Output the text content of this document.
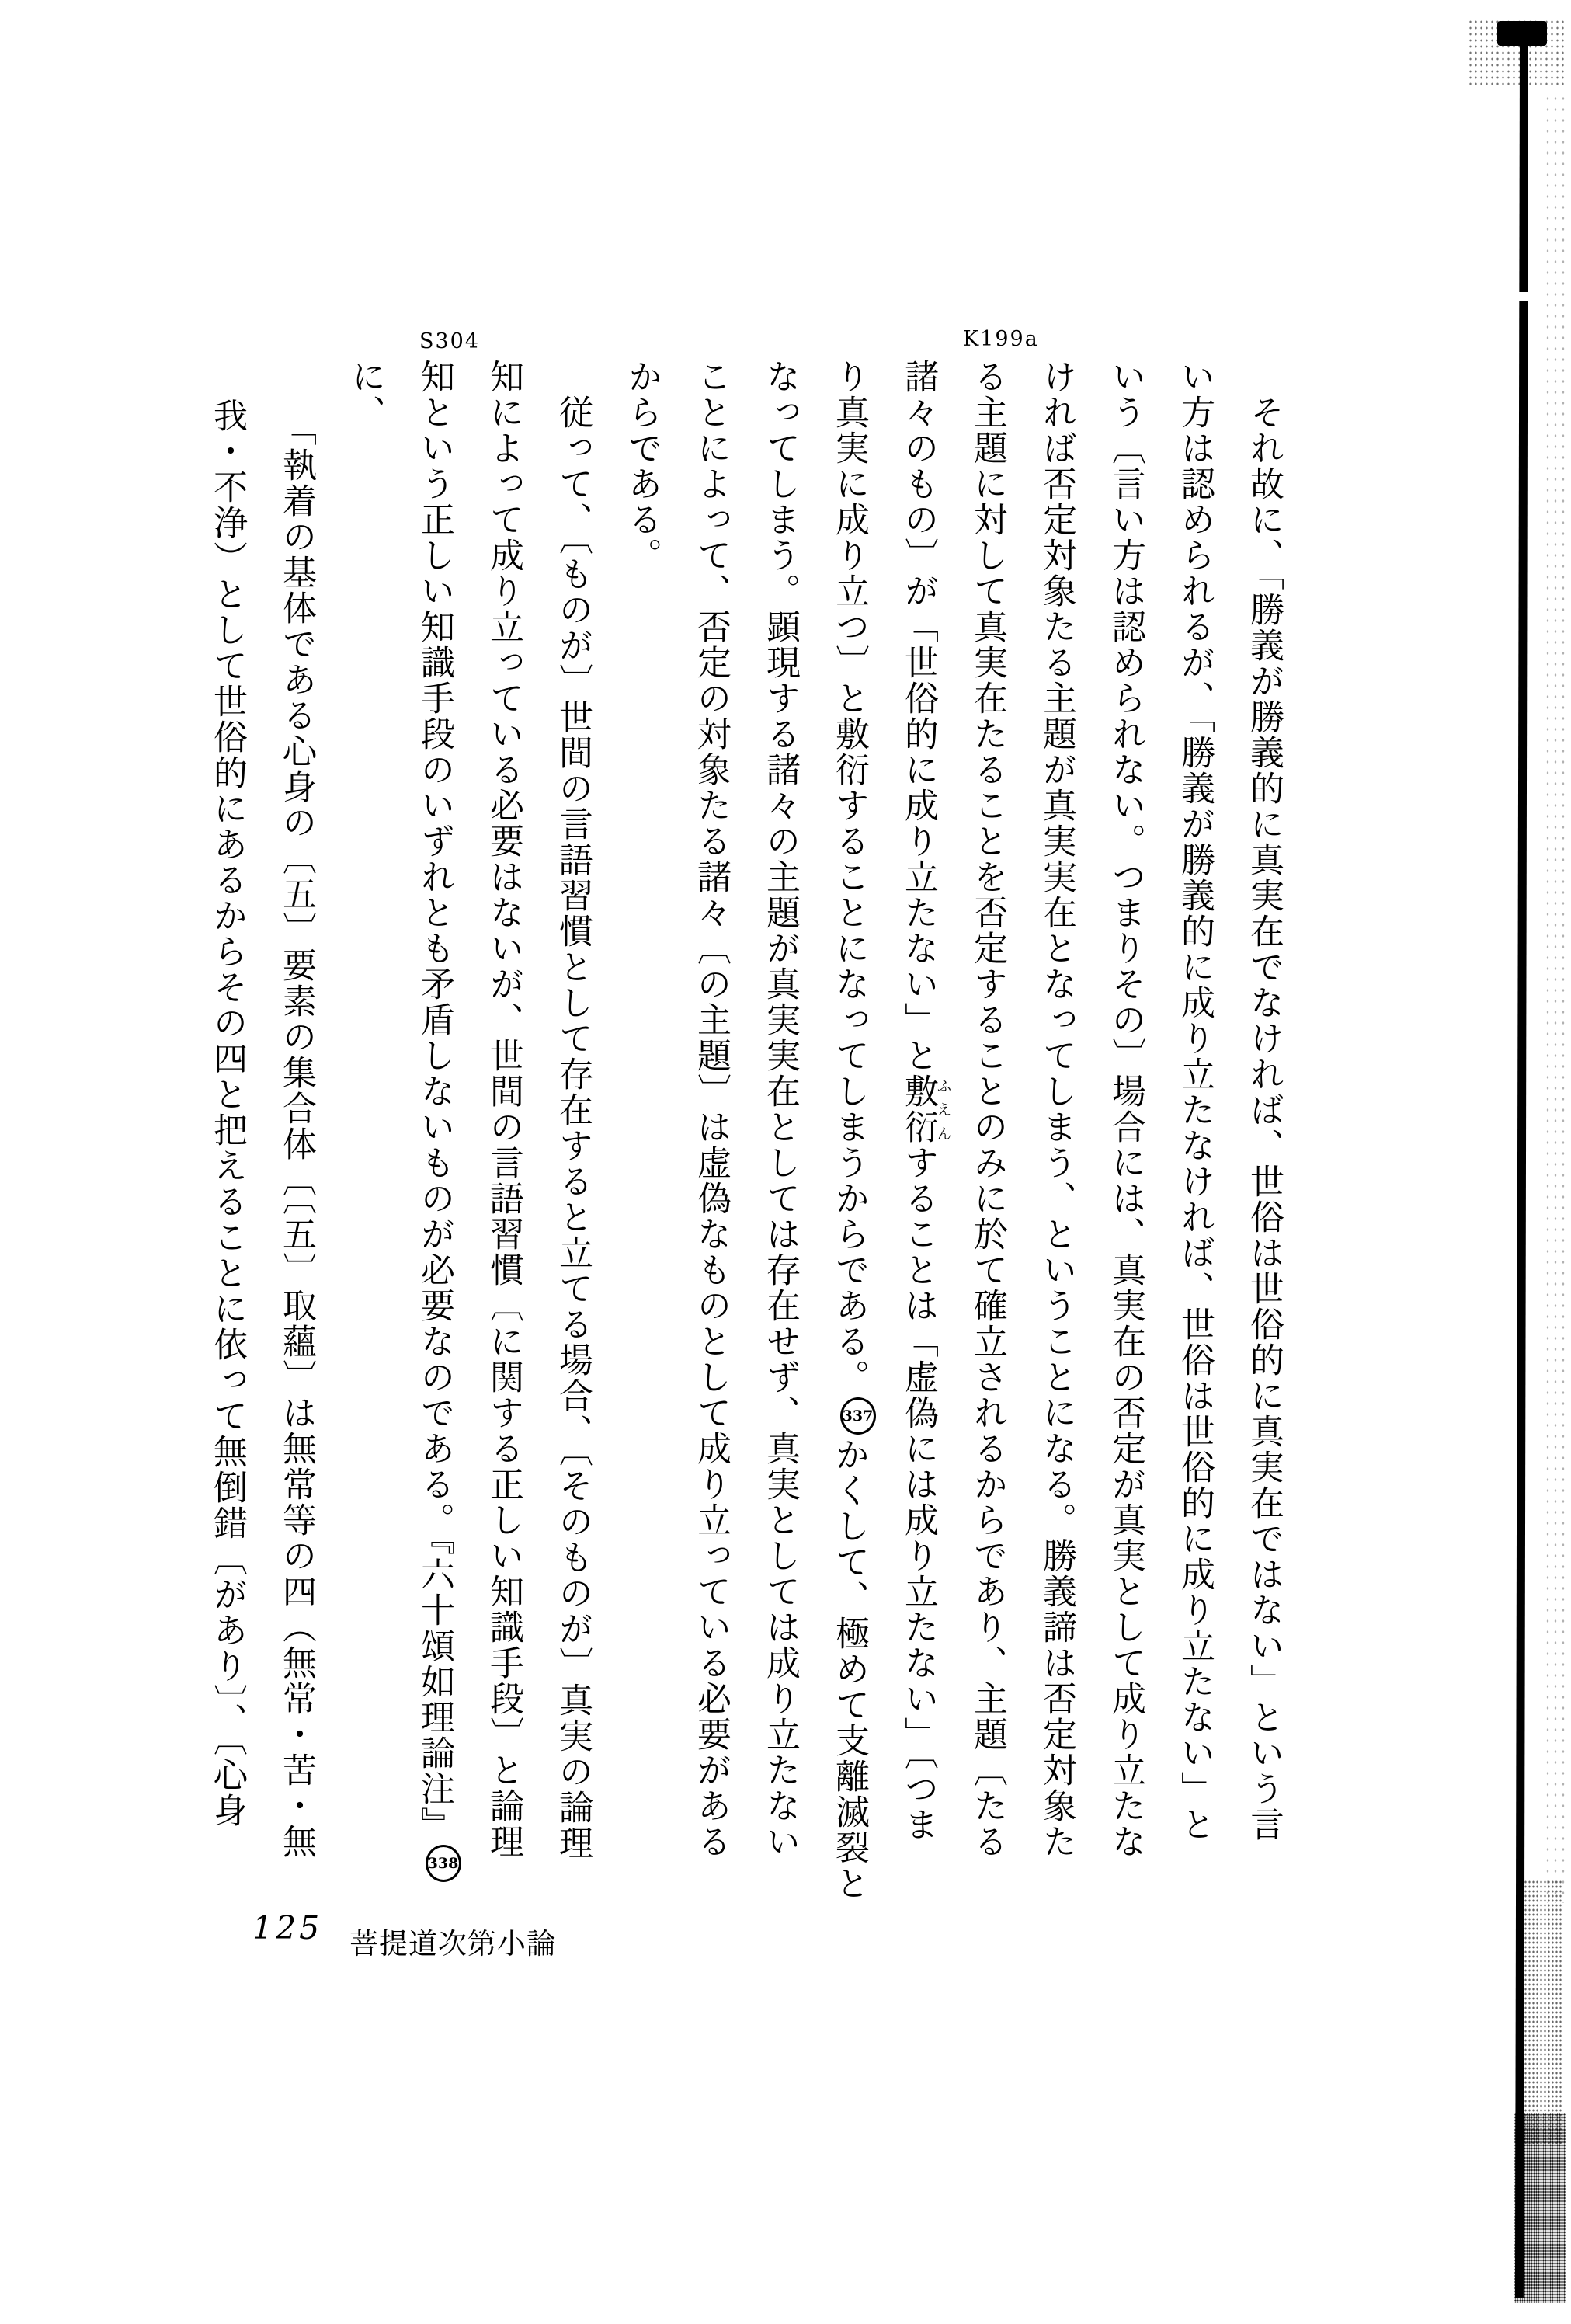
S304	K199a
それ故に、「勝義が勝義的に真実在でなければ、世俗は世俗的に真実在ではない」という言
い方は認められるが、「勝義が勝義的に成り立たなければ、世俗は世俗的に成り立たない」と
いう〔言い方は認められない。つまりその〕場合には、真実在の否定が真実として成り立たな
ければ否定対象たる主題が真実実在となってしまう、ということになる。勝義諦は否定対象た
る主題に対して真実在たることを否定することのみに於て確立されるからであり、主題〔たる
諸々のもの〕が「世俗的に成り立たない」と敷衍ふえんすることは「虚偽には成り立たない」〔つま
り真実に成り立つ〕と敷衍することになってしまうからである。337かくして、極めて支離滅裂と
なってしまう。顕現する諸々の主題が真実実在としては存在せず、真実としては成り立たない
ことによって、否定の対象たる諸々〔の主題〕は虚偽なものとして成り立っている必要がある
からである。
従って、〔ものが〕世間の言語習慣として存在すると立てる場合、〔そのものが〕真実の論理
知によって成り立っている必要はないが、世間の言語習慣〔に関する正しい知識手段〕と論理
知という正しい知識手段のいずれとも矛盾しないものが必要なのである。『六十頌如理論注』338
に、
「執着の基体である心身の〔五〕要素の集合体〔〔五〕取蘊〕は無常等の四（無常・苦・無
我・不浄）として世俗的にあるからその四と把えることに依って無倒錯〔があり〕、〔心身
125 菩提道次第小論
